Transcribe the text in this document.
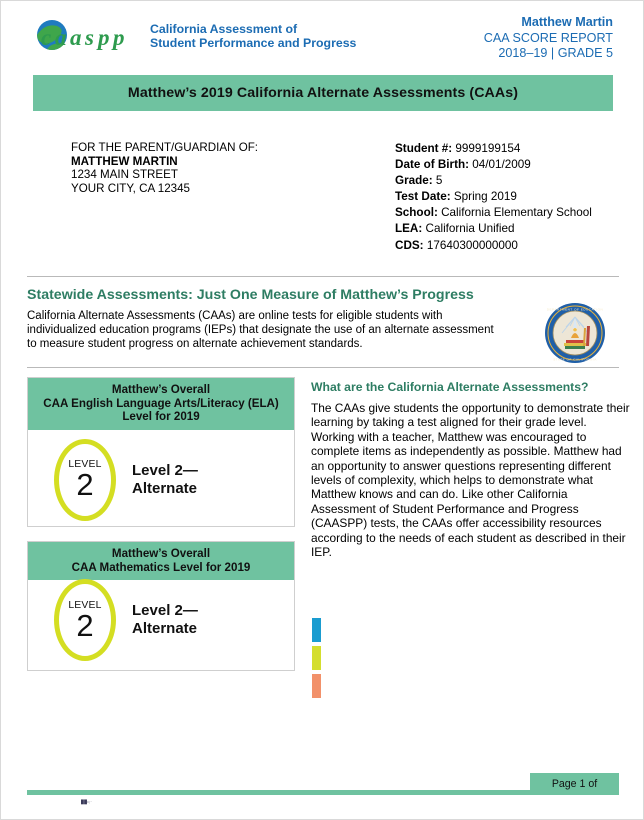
c a a s p p California Assessment of
Student Performance and Progress
Matthew Martin
CAA SCORE REPORT
2018–19 | GRADE 5
Matthew’s 2019 California Alternate Assessments (CAAs)
FOR THE PARENT/GUARDIAN OF:
MATTHEW MARTIN
1234 MAIN STREET
YOUR CITY, CA 12345
Student #: 9999199154
Date of Birth: 04/01/2009
Grade: 5
Test Date: Spring 2019
School: California Elementary School
LEA: California Unified
CDS: 17640300000000
Statewide Assessments: Just One Measure of Matthew’s Progress
California Alternate Assessments (CAAs) are online tests for eligible students with individualized education programs (IEPs) that designate the use of an alternate assessment to measure student progress on alternate achievement standards.
DEPARTMENT OF EDUCATION
STATE OF CALIFORNIA
Matthew’s Overall
CAA English Language Arts/Literacy (ELA)
Level for 2019
LEVEL
2	Level 2—
Alternate
Matthew’s Overall
CAA Mathematics Level for 2019
LEVEL
2	Level 2—
Alternate
What are the California Alternate Assessments?
The CAAs give students the opportunity to demonstrate their learning by taking a test aligned for their grade level. Working with a teacher, Matthew was encouraged to complete items as independently as possible. Matthew had an opportunity to answer questions representing different levels of complexity, which helps to demonstrate what Matthew knows and can do. Like other California Assessment of Student Performance and Progress (CAASPP) tests, the CAAs offer accessibility resources according to the needs of each student as described in their IEP.
Page 1 of
██•;·
